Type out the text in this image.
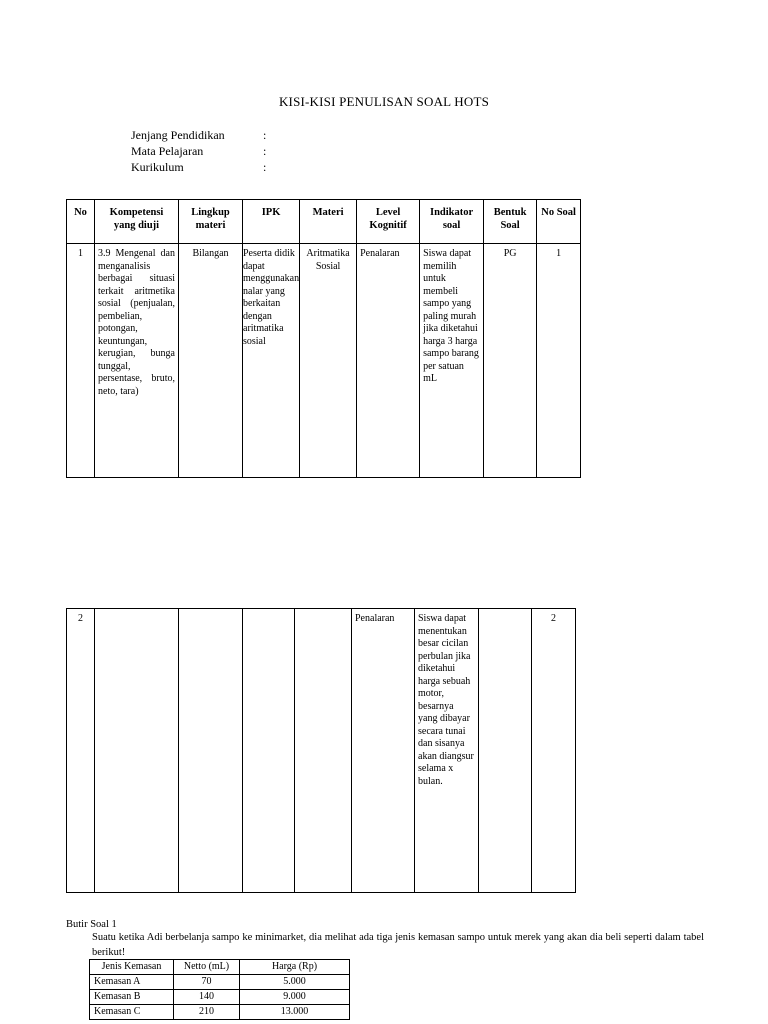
KISI-KISI PENULISAN SOAL HOTS
Jenjang Pendidikan	:
Mata Pelajaran	:
Kurikulum	:
No	Kompetensi yang diuji	Lingkup materi	IPK	Materi	Level Kognitif	Indikator soal	Bentuk Soal	No Soal
1	3.9 Mengenal dan menganalisis berbagai situasi terkait aritmetika sosial (penjualan, pembelian, potongan, keuntungan, kerugian, bunga tunggal, persentase, bruto, neto, tara)	Bilangan	Peserta didik dapat menggunakan nalar yang berkaitan dengan aritmatika sosial	Aritmatika Sosial	Penalaran	Siswa dapat memilih untuk membeli sampo yang paling murah jika diketahui harga 3 harga sampo barang per satuan mL	PG	1
2					Penalaran	Siswa dapat menentukan besar cicilan perbulan jika diketahui harga sebuah motor, besarnya yang dibayar secara tunai dan sisanya akan diangsur selama x bulan.		2
Butir Soal 1
Suatu ketika Adi berbelanja sampo ke minimarket, dia melihat ada tiga jenis kemasan sampo untuk merek yang akan dia beli seperti dalam tabel berikut!
Jenis Kemasan	Netto (mL)	Harga (Rp)
Kemasan A	70	5.000
Kemasan B	140	9.000
Kemasan C	210	13.000
